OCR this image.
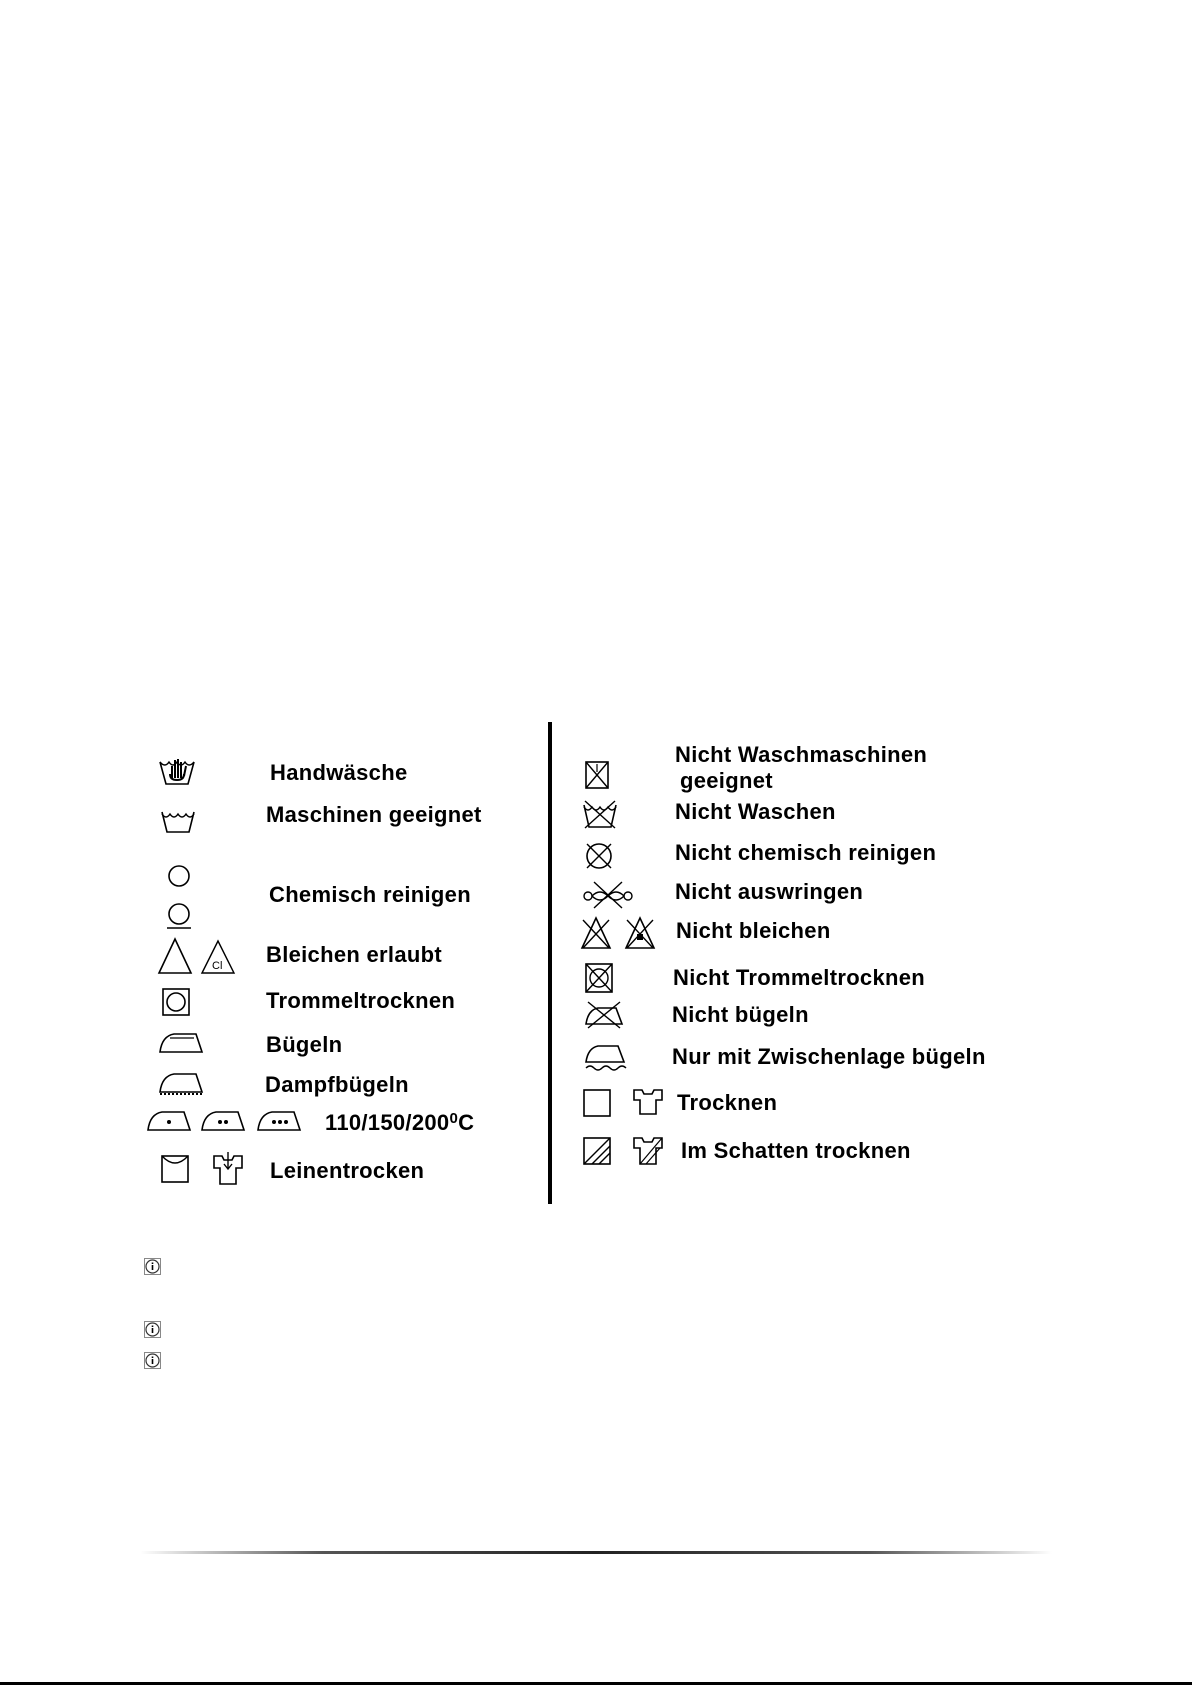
Cl
Handwäsche
Maschinen geeignet
Chemisch reinigen
Bleichen erlaubt
Trommeltrocknen
Bügeln
Dampfbügeln
$110/150/200^0C$
Leinentrocken
Nicht Waschmaschinen
geeignet
Nicht Waschen
Nicht chemisch reinigen
Nicht auswringen
Nicht bleichen
Nicht Trommeltrocknen
Nicht bügeln
Nur mit Zwischenlage bügeln
Trocknen
Im Schatten trocknen
